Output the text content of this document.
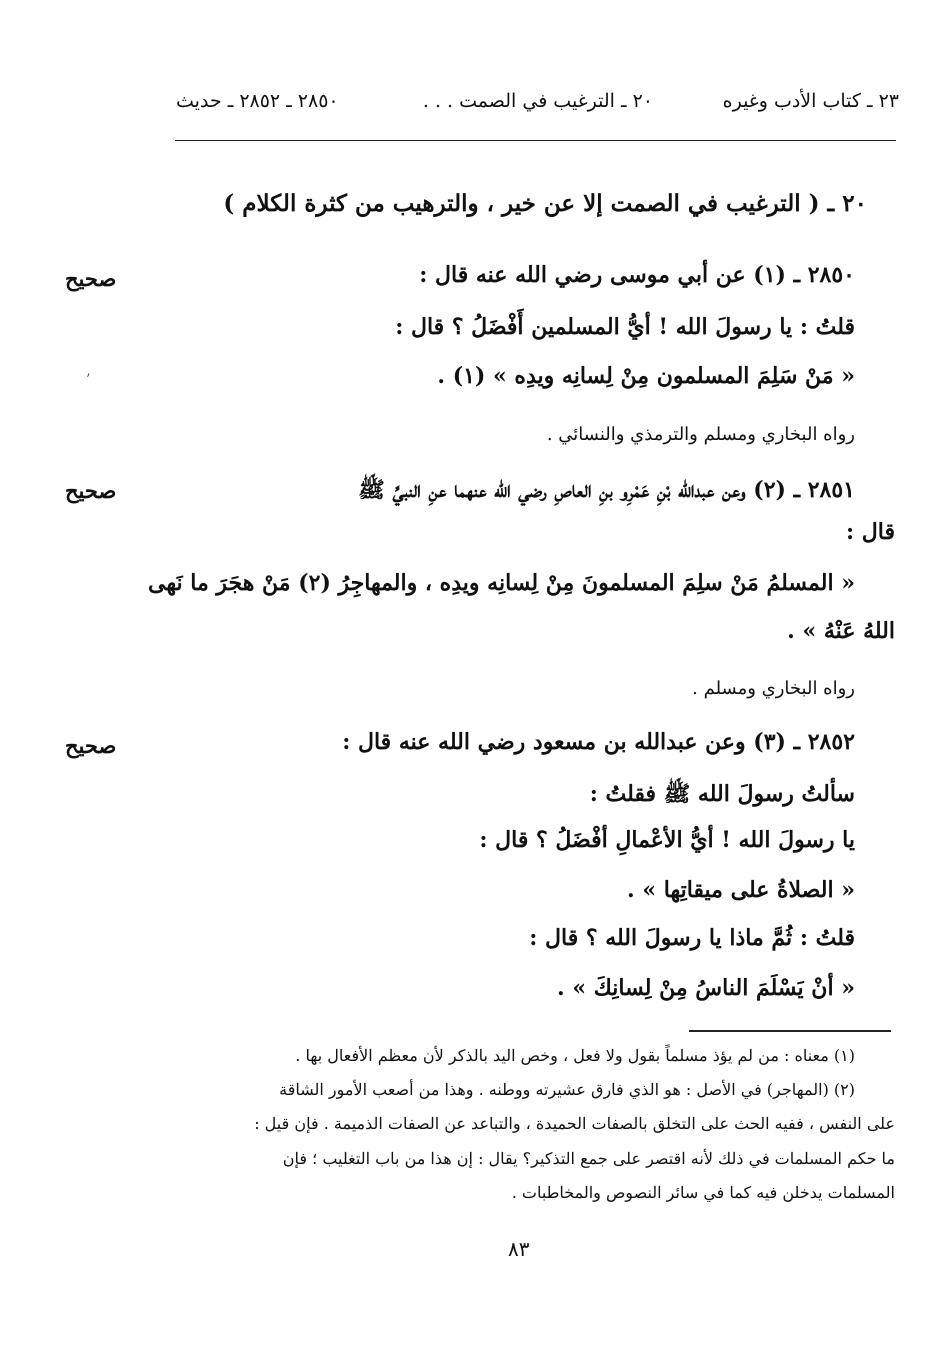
٢٣ ـ كتاب الأدب وغيره
٢٠ ـ الترغيب في الصمت . . .
٢٨٥٠ ـ ٢٨٥٢ ـ حديث
٢٠ ـ ( الترغيب في الصمت إلا عن خير ، والترهيب من كثرة الكلام )
٢٨٥٠ ـ (١) عن أبي موسى رضي الله عنه قال :
صحيح
قلتُ : يا رسولَ الله ! أيُّ المسلمين أَفْضَلُ ؟ قال :
« مَنْ سَلِمَ المسلمون مِنْ لِسانِه ويدِه » (١) .
’
رواه البخاري ومسلم والترمذي والنسائي .
٢٨٥١ ـ (٢) وعن عبدالله بْنِ عَمْرِو بنِ العاصِ رضي الله عنهما عنِ النبيِّ ﷺ
صحيح
قال :
« المسلمُ مَنْ سلِمَ المسلمونَ مِنْ لِسانِه ويدِه ، والمهاجِرُ (٢) مَنْ هجَرَ ما نَهى
اللهُ عَنْهُ » .
رواه البخاري ومسلم .
٢٨٥٢ ـ (٣) وعن عبدالله بن مسعود رضي الله عنه قال :
صحيح
سألتُ رسولَ الله ﷺ فقلتُ :
يا رسولَ الله ! أيُّ الأعْمالِ أفْضَلُ ؟ قال :
« الصلاةُ على ميقاتِها » .
قلتُ : ثُمَّ ماذا يا رسولَ الله ؟ قال :
« أنْ يَسْلَمَ الناسُ مِنْ لِسانِكَ » .
(١) معناه : من لم يؤذ مسلماً بقول ولا فعل ، وخص اليد بالذكر لأن معظم الأفعال بها .
(٢) (المهاجر) في الأصل : هو الذي فارق عشيرته ووطنه . وهذا من أصعب الأمور الشاقة
على النفس ، ففيه الحث على التخلق بالصفات الحميدة ، والتباعد عن الصفات الذميمة . فإن قيل :
ما حكم المسلمات في ذلك لأنه اقتصر على جمع التذكير؟ يقال : إن هذا من باب التغليب ؛ فإن
المسلمات يدخلن فيه كما في سائر النصوص والمخاطبات .
٨٣
